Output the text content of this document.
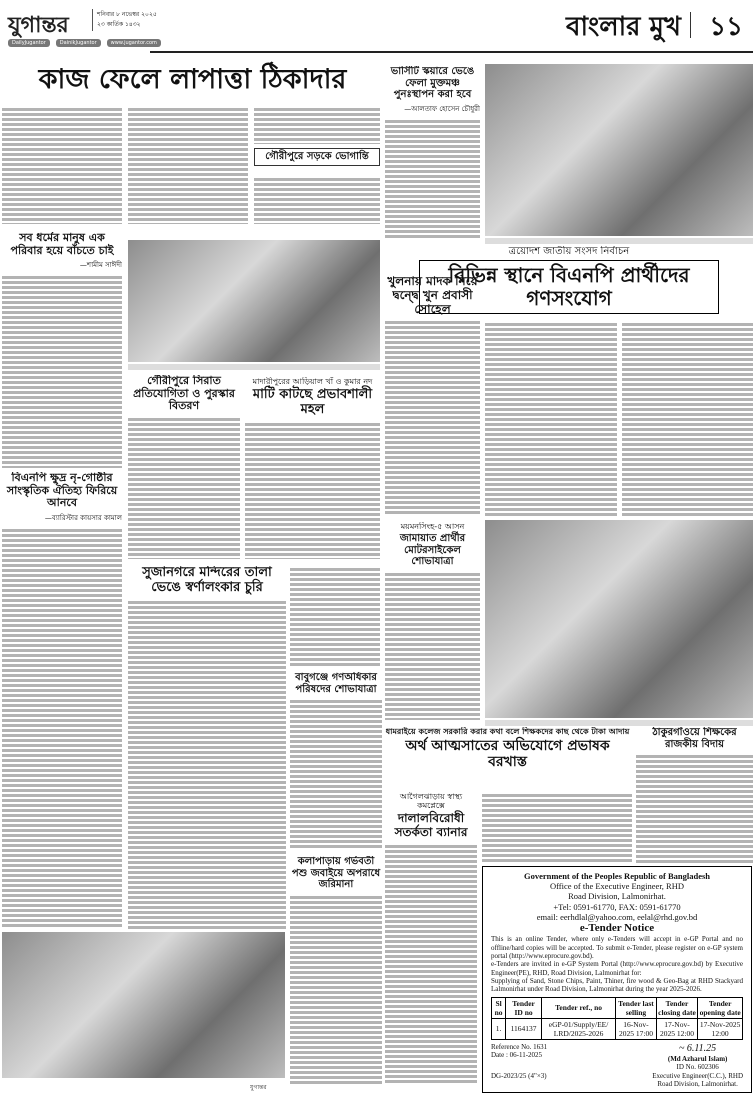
যুগান্তর	শনিবার ৮ নভেম্বর ২০২৫
২৩ কার্তিক ১৪৩২
DailyJugantor	DainikJugantor	www.jugantor.com
বাংলার মুখ ১১
কাজ ফেলে লাপাত্তা ঠিকাদার
গৌরীপুরে সড়কে ভোগান্তি
ভার্সিটি স্কয়ারে ভেঙে ফেলা মুক্তমঞ্চ পুনঃস্থাপন করা হবে
—আলতাফ হোসেন চৌধুরী
ত্রয়োদশ জাতীয় সংসদ নির্বাচন
বিভিন্ন স্থানে বিএনপি প্রার্থীদের গণসংযোগ
সব ধর্মের মানুষ এক পরিবার হয়ে বাঁচতে চাই
—শামীম সাঈদী
বিএনপি ক্ষুদ্র নৃ-গোষ্ঠীর সাংস্কৃতিক ঐতিহ্য ফিরিয়ে আনবে
—ব্যারিস্টার কায়সার কামাল
খুলনায় মাদক নিয়ে দ্বন্দ্বে খুন প্রবাসী সোহেল
গৌরীপুরে সিরাত প্রতিযোগিতা ও পুরস্কার বিতরণ
মাদারীপুরের আড়িয়াল খাঁ ও কুমার নদ
মাটি কাটছে প্রভাবশালী মহল
ময়মনসিংহ-৫ আসন
জামায়াত প্রার্থীর মোটরসাইকেল শোভাযাত্রা
সুজানগরে মন্দিরের তালা ভেঙে স্বর্ণালংকার চুরি
বাবুগঞ্জে গণঅধিকার পরিষদের শোভাযাত্রা
কলাপাড়ায় গর্ভবতী পশু জবাইয়ে অপরাধে জরিমানা
ধামরাইয়ে কলেজ সরকারি করার কথা বলে শিক্ষকদের কাছ থেকে টাকা আদায়
অর্থ আত্মসাতের অভিযোগে প্রভাষক বরখাস্ত
ঠাকুরগাঁওয়ে শিক্ষকের রাজকীয় বিদায়
আগৈলঝাড়ায় স্বাস্থ্য কমপ্লেক্সে
দালালবিরোধী সতর্কতা ব্যানার
যুগান্তর
Government of the Peoples Republic of Bangladesh
Office of the Executive Engineer, RHD
Road Division, Lalmonirhat.
+Tel: 0591-61770, FAX: 0591-61770
email: eerhdlal@yahoo.com, eelal@rhd.gov.bd
e-Tender Notice
This is an online Tender, where only e-Tenders will accept in e-GP Portal and no offline/hard copies will be accepted. To submit e-Tender, please register on e-GP system portal (http://www.eprocure.gov.bd).
e-Tenders are invited in e-GP System Portal (http://www.eprocure.gov.bd) by Executive Engineer(PE), RHD, Road Division, Lalmonirhat for:
Supplying of Sand, Stone Chips, Paint, Thiner, fire wood & Geo-Bag at RHD Stackyard Lalmonirhat under Road Division, Lalmonirhat during the year 2025-2026.
Sl no	Tender ID no	Tender ref., no	Tender last selling	Tender closing date	Tender opening date
1.	1164137	eGP-01/Supply/EE/ LRD/2025-2026	16-Nov-2025 17:00	17-Nov-2025 12:00	17-Nov-2025 12:00
Reference No. 1631
Date : 06-11-2025
DG-2023/25 (4"×3)
~ 6.11.25
(Md Azharul Islam)
ID No. 602306
Executive Engineer(C.C.), RHD
Road Division, Lalmonirhat.
